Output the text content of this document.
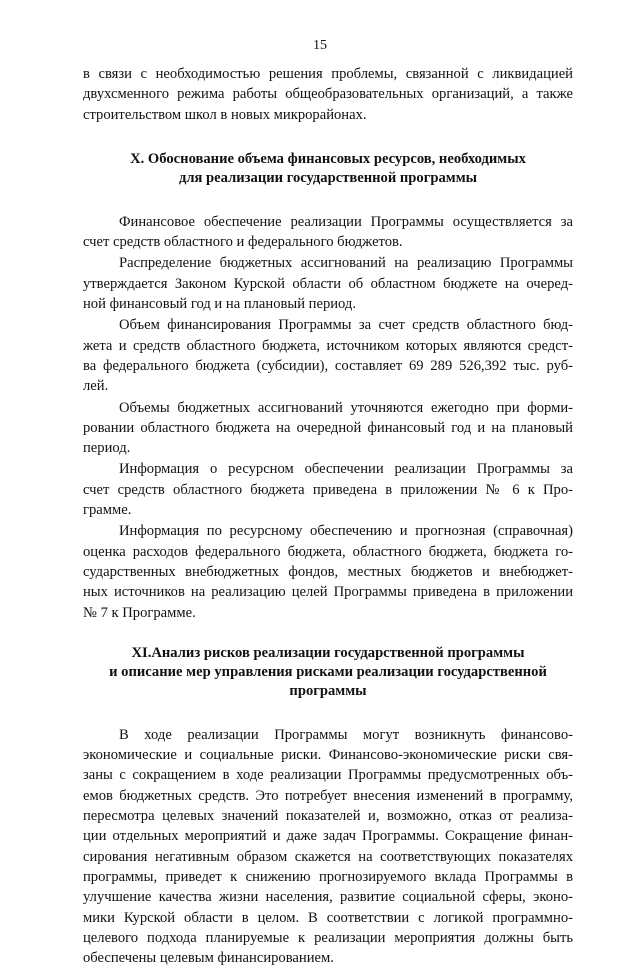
15
в связи с необходимостью решения проблемы, связанной с ликвидацией
двухсменного режима работы общеобразовательных организаций, а также
строительством школ в новых микрорайонах.
X. Обоснование объема финансовых ресурсов, необходимых
для реализации государственной программы
Финансовое обеспечение реализации Программы осуществляется за
счет средств областного и федерального бюджетов.
Распределение бюджетных ассигнований на реализацию Программы
утверждается Законом Курской области об областном бюджете на очеред-
ной финансовый год и на плановый период.
Объем финансирования Программы за счет средств областного бюд-
жета и средств областного бюджета, источником которых являются средст-
ва федерального бюджета (субсидии), составляет 69 289 526,392 тыс. руб-
лей.
Объемы бюджетных ассигнований уточняются ежегодно при форми-
ровании областного бюджета на очередной финансовый год и на плановый
период.
Информация о ресурсном обеспечении реализации Программы за
счет средств областного бюджета приведена в приложении № 6 к Про-
грамме.
Информация по ресурсному обеспечению и прогнозная (справочная)
оценка расходов федерального бюджета, областного бюджета, бюджета го-
сударственных внебюджетных фондов, местных бюджетов и внебюджет-
ных источников на реализацию целей Программы приведена в приложении
№ 7 к Программе.
XI.Анализ рисков реализации государственной программы
и описание мер управления рисками реализации государственной
программы
В ходе реализации Программы могут возникнуть финансово-
экономические и социальные риски. Финансово-экономические риски свя-
заны с сокращением в ходе реализации Программы предусмотренных объ-
емов бюджетных средств. Это потребует внесения изменений в программу,
пересмотра целевых значений показателей и, возможно, отказ от реализа-
ции отдельных мероприятий и даже задач Программы. Сокращение финан-
сирования негативным образом скажется на соответствующих показателях
программы, приведет к снижению прогнозируемого вклада Программы в
улучшение качества жизни населения, развитие социальной сферы, эконо-
мики Курской области в целом. В соответствии с логикой программно-
целевого подхода планируемые к реализации мероприятия должны быть
обеспечены целевым финансированием.
